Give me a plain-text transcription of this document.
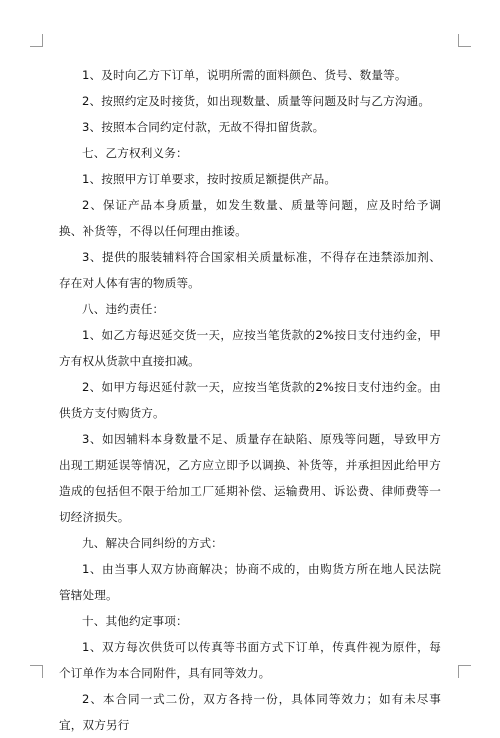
1、及时向乙方下订单，说明所需的面料颜色、货号、数量等。

2、按照约定及时接货，如出现数量、质量等问题及时与乙方沟通。

3、按照本合同约定付款，无故不得扣留货款。

七、乙方权利义务：

1、按照甲方订单要求，按时按质足额提供产品。

2、保证产品本身质量，如发生数量、质量等问题，应及时给予调换、补货等，不得以任何理由推诿。

3、提供的服装辅料符合国家相关质量标准，不得存在违禁添加剂、存在对人体有害的物质等。

八、违约责任：

1、如乙方每迟延交货一天，应按当笔货款的2%按日支付违约金，甲方有权从货款中直接扣减。

2、如甲方每迟延付款一天，应按当笔货款的2%按日支付违约金。由供货方支付购货方。

3、如因辅料本身数量不足、质量存在缺陷、原残等问题，导致甲方出现工期延误等情况，乙方应立即予以调换、补货等，并承担因此给甲方造成的包括但不限于给加工厂延期补偿、运输费用、诉讼费、律师费等一切经济损失。

九、解决合同纠纷的方式：

1、由当事人双方协商解决；协商不成的，由购货方所在地人民法院管辖处理。

十、其他约定事项：

1、双方每次供货可以传真等书面方式下订单，传真件视为原件，每个订单作为本合同附件，具有同等效力。

2、本合同一式二份，双方各持一份，具体同等效力；如有未尽事宜，双方另行
